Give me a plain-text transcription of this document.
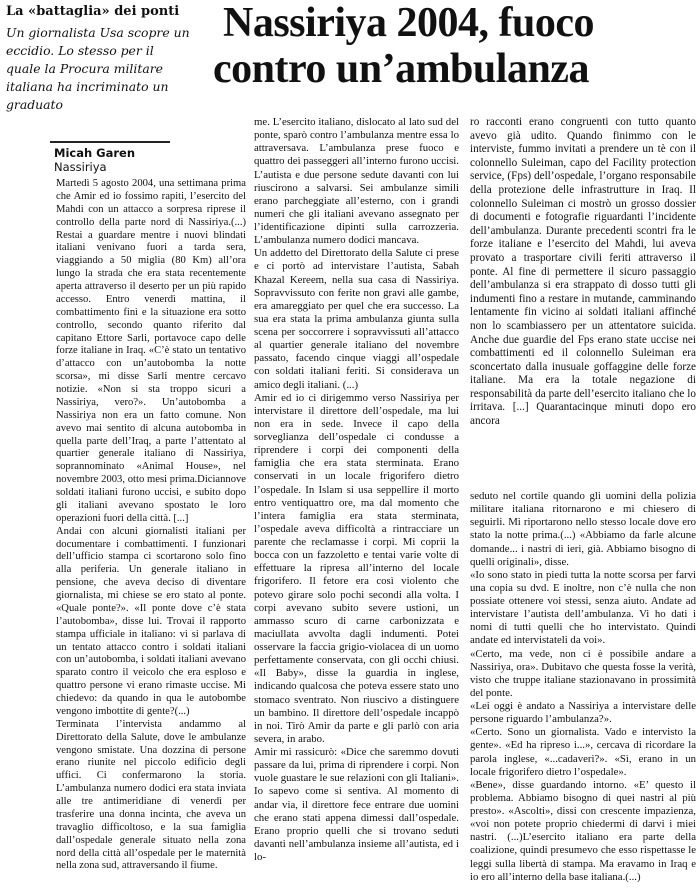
La «battaglia» dei ponti
Un giornalista Usa scopre un eccidio. Lo stesso per il quale la Procura militare italiana ha incriminato un graduato
Nassiriya 2004, fuoco
contro un’ambulanza
Micah Garen
Nassiriya

Martedì 5 agosto 2004, una settimana prima che Amir ed io fossimo rapiti, l’esercito del Mahdi con un attacco a sorpresa riprese il controllo della parte nord di Nassiriya.(...) Restai a guardare mentre i nuovi blindati italiani venivano fuori a tarda sera, viaggiando a 50 miglia (80 Km) all’ora lungo la strada che era stata recentemente aperta attraverso il deserto per un più rapido accesso. Entro venerdì mattina, il combattimento finì e la situazione era sotto controllo, secondo quanto riferito dal capitano Ettore Sarli, portavoce capo delle forze italiane in Iraq. «C’è stato un tentativo d’attacco con un’autobomba la notte scorsa», mi disse Sarli mentre cercavo notizie. «Non si sta troppo sicuri a Nassiriya, vero?». Un’autobomba a Nassiriya non era un fatto comune. Non avevo mai sentito di alcuna autobomba in quella parte dell’Iraq, a parte l’attentato al quartier generale italiano di Nassiriya, soprannominato «Animal House», nel novembre 2003, otto mesi prima.Diciannove soldati italiani furono uccisi, e subito dopo gli italiani avevano spostato le loro operazioni fuori della città. [...]

Andai con alcuni giornalisti italiani per documentare i combattimenti. I funzionari dell’ufficio stampa ci scortarono solo fino alla periferia. Un generale italiano in pensione, che aveva deciso di diventare giornalista, mi chiese se ero stato al ponte. «Quale ponte?». «Il ponte dove c’è stata l’autobomba», disse lui. Trovai il rapporto stampa ufficiale in italiano: vi si parlava di un tentato attacco contro i soldati italiani con un’autobomba, i soldati italiani avevano sparato contro il veicolo che era esploso e quattro persone vi erano rimaste uccise. Mi chiedevo: da quando in qua le autobombe vengono imbottite di gente?(...)

Terminata l’intervista andammo al Direttorato della Salute, dove le ambulanze vengono smistate. Una dozzina di persone erano riunite nel piccolo edificio degli uffici. Ci confermarono la storia. L’ambulanza numero dodici era stata inviata alle tre antimeridiane di venerdì per trasferire una donna incinta, che aveva un travaglio difficoltoso, e la sua famiglia dall’ospedale generale situato nella zona nord della città all’ospedale per le maternità nella zona sud, attraversando il fiume.

me. L’esercito italiano, dislocato al lato sud del ponte, sparò contro l’ambulanza mentre essa lo attraversava. L’ambulanza prese fuoco e quattro dei passeggeri all’interno furono uccisi. L’autista e due persone sedute davanti con lui riuscirono a salvarsi. Sei ambulanze simili erano parcheggiate all’esterno, con i grandi numeri che gli italiani avevano assegnato per l’identificazione dipinti sulla carrozzeria. L’ambulanza numero dodici mancava.

Un addetto del Direttorato della Salute ci prese e ci portò ad intervistare l’autista, Sabah Khazal Kereem, nella sua casa di Nassiriya. Sopravvissuto con ferite non gravi alle gambe, era amareggiato per quel che era successo. La sua era stata la prima ambulanza giunta sulla scena per soccorrere i sopravvissuti all’attacco al quartier generale italiano del novembre passato, facendo cinque viaggi all’ospedale con soldati italiani feriti. Si considerava un amico degli italiani. (...)

Amir ed io ci dirigemmo verso Nassiriya per intervistare il direttore dell’ospedale, ma lui non era in sede. Invece il capo della sorveglianza dell’ospedale ci condusse a riprendere i corpi dei componenti della famiglia che era stata sterminata. Erano conservati in un locale frigorifero dietro l’ospedale. In Islam si usa seppellire il morto entro ventiquattro ore, ma dal momento che l’intera famiglia era stata sterminata, l’ospedale aveva difficoltà a rintracciare un parente che reclamasse i corpi. Mi coprii la bocca con un fazzoletto e tentai varie volte di effettuare la ripresa all’interno del locale frigorifero. Il fetore era così violento che potevo girare solo pochi secondi alla volta. I corpi avevano subito severe ustioni, un ammasso scuro di carne carbonizzata e maciullata avvolta dagli indumenti. Potei osservare la faccia grigio-violacea di un uomo perfettamente conservata, con gli occhi chiusi. «Il Baby», disse la guardia in inglese, indicando qualcosa che poteva essere stato uno stomaco sventrato. Non riuscivo a distinguere un bambino. Il direttore dell’ospedale incappò in noi. Tirò Amir da parte e gli parlò con aria severa, in arabo.

Amir mi rassicurò: «Dice che saremmo dovuti passare da lui, prima di riprendere i corpi. Non vuole guastare le sue relazioni con gli Italiani». Io sapevo come si sentiva. Al momento di andar via, il direttore fece entrare due uomini che erano stati appena dimessi dall’ospedale. Erano proprio quelli che si trovano seduti davanti nell’ambulanza insieme all’autista, ed i lo-

ro racconti erano congruenti con tutto quanto avevo già udito. Quando finimmo con le interviste, fummo invitati a prendere un tè con il colonnello Suleiman, capo del Facility protection service, (Fps) dell’ospedale, l’organo responsabile della protezione delle infrastrutture in Iraq. Il colonnello Suleiman ci mostrò un grosso dossier di documenti e fotografie riguardanti l’incidente dell’ambulanza. Durante precedenti scontri fra le forze italiane e l’esercito del Mahdi, lui aveva provato a trasportare civili feriti attraverso il ponte. Al fine di permettere il sicuro passaggio dell’ambulanza si era strappato di dosso tutti gli indumenti fino a restare in mutande, camminando lentamente fin vicino ai soldati italiani affinché non lo scambiassero per un attentatore suicida. Anche due guardie del Fps erano state uccise nei combattimenti ed il colonnello Suleiman era sconcertato dalla inusuale goffaggine delle forze italiane. Ma era la totale negazione di responsabilità da parte dell’esercito italiano che lo irritava. [...] Quarantacinque minuti dopo ero ancora

seduto nel cortile quando gli uomini della polizia militare italiana ritornarono e mi chiesero di seguirli. Mi riportarono nello stesso locale dove ero stato la notte prima.(...) «Abbiamo da farle alcune domande... i nastri di ieri, già. Abbiamo bisogno di quelli originali», disse.

«Io sono stato in piedi tutta la notte scorsa per farvi una copia su dvd. E inoltre, non c’è nulla che non possiate ottenere voi stessi, senza aiuto. Andate ad intervistare l’autista dell’ambulanza. Vi ho dati i nomi di tutti quelli che ho intervistato. Quindi andate ed intervistateli da voi».

«Certo, ma vede, non ci è possibile andare a Nassiriya, ora». Dubitavo che questa fosse la verità, visto che truppe italiane stazionavano in prossimità del ponte.

«Lei oggi è andato a Nassiriya a intervistare delle persone riguardo l’ambulanza?».

«Certo. Sono un giornalista. Vado e intervisto la gente». «Ed ha ripreso i...», cercava di ricordare la parola inglese, «...cadaveri?». «Sì, erano in un locale frigorifero dietro l’ospedale».

«Bene», disse guardando intorno. «E’ questo il problema. Abbiamo bisogno di quei nastri al più presto». «Ascolti», dissi con crescente impazienza, «voi non potete proprio chiedermi di darvi i miei nastri. (...)L’esercito italiano era parte della coalizione, quindi presumevo che esso rispettasse le leggi sulla libertà di stampa. Ma eravamo in Iraq e io ero all’interno della base italiana.(...)
